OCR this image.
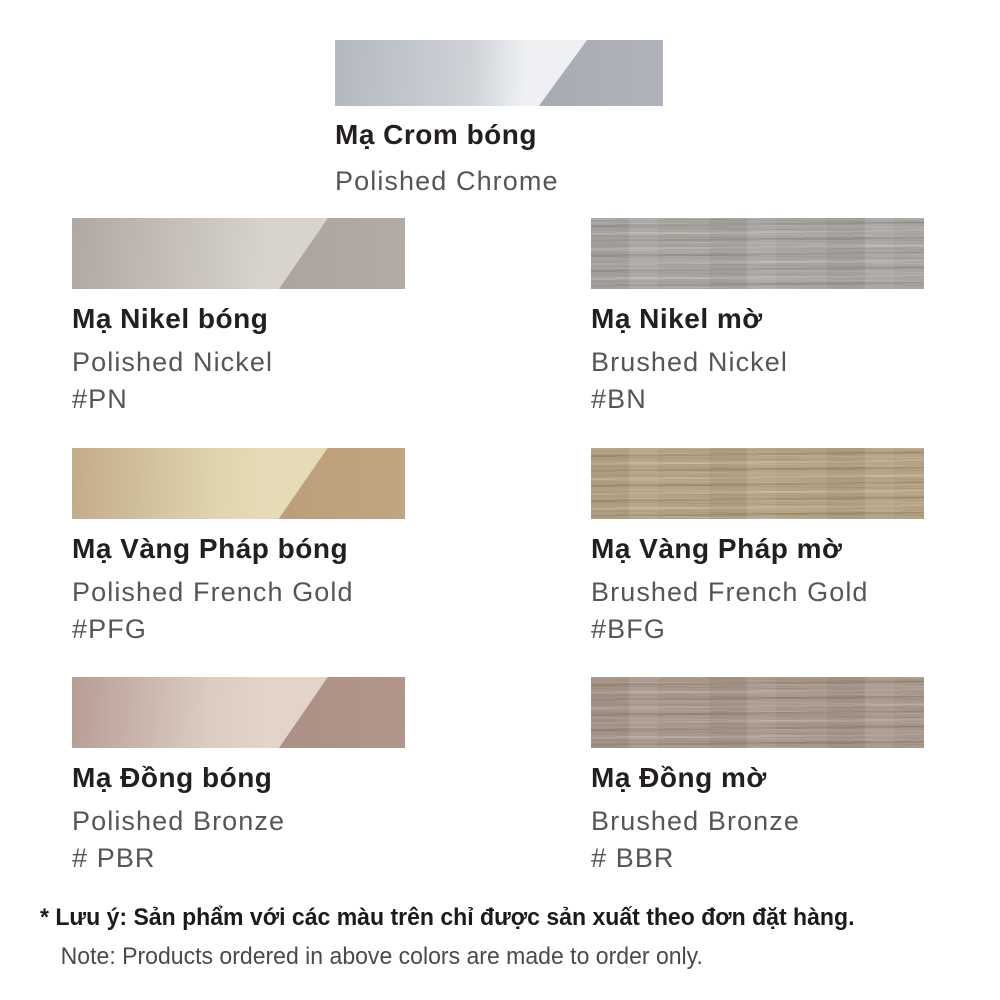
Mạ Crom bóng

Polished Chrome

Mạ Nikel bóng

Polished Nickel
#PN

Mạ Nikel mờ

Brushed Nickel
#BN

Mạ Vàng Pháp bóng

Polished French Gold
#PFG

Mạ Vàng Pháp mờ

Brushed French Gold
#BFG

Mạ Đồng bóng

Polished Bronze
# PBR

Mạ Đồng mờ

Brushed Bronze
# BBR

* Lưu ý: Sản phẩm với các màu trên chỉ được sản xuất theo đơn đặt hàng.

Note: Products ordered in above colors are made to order only.
